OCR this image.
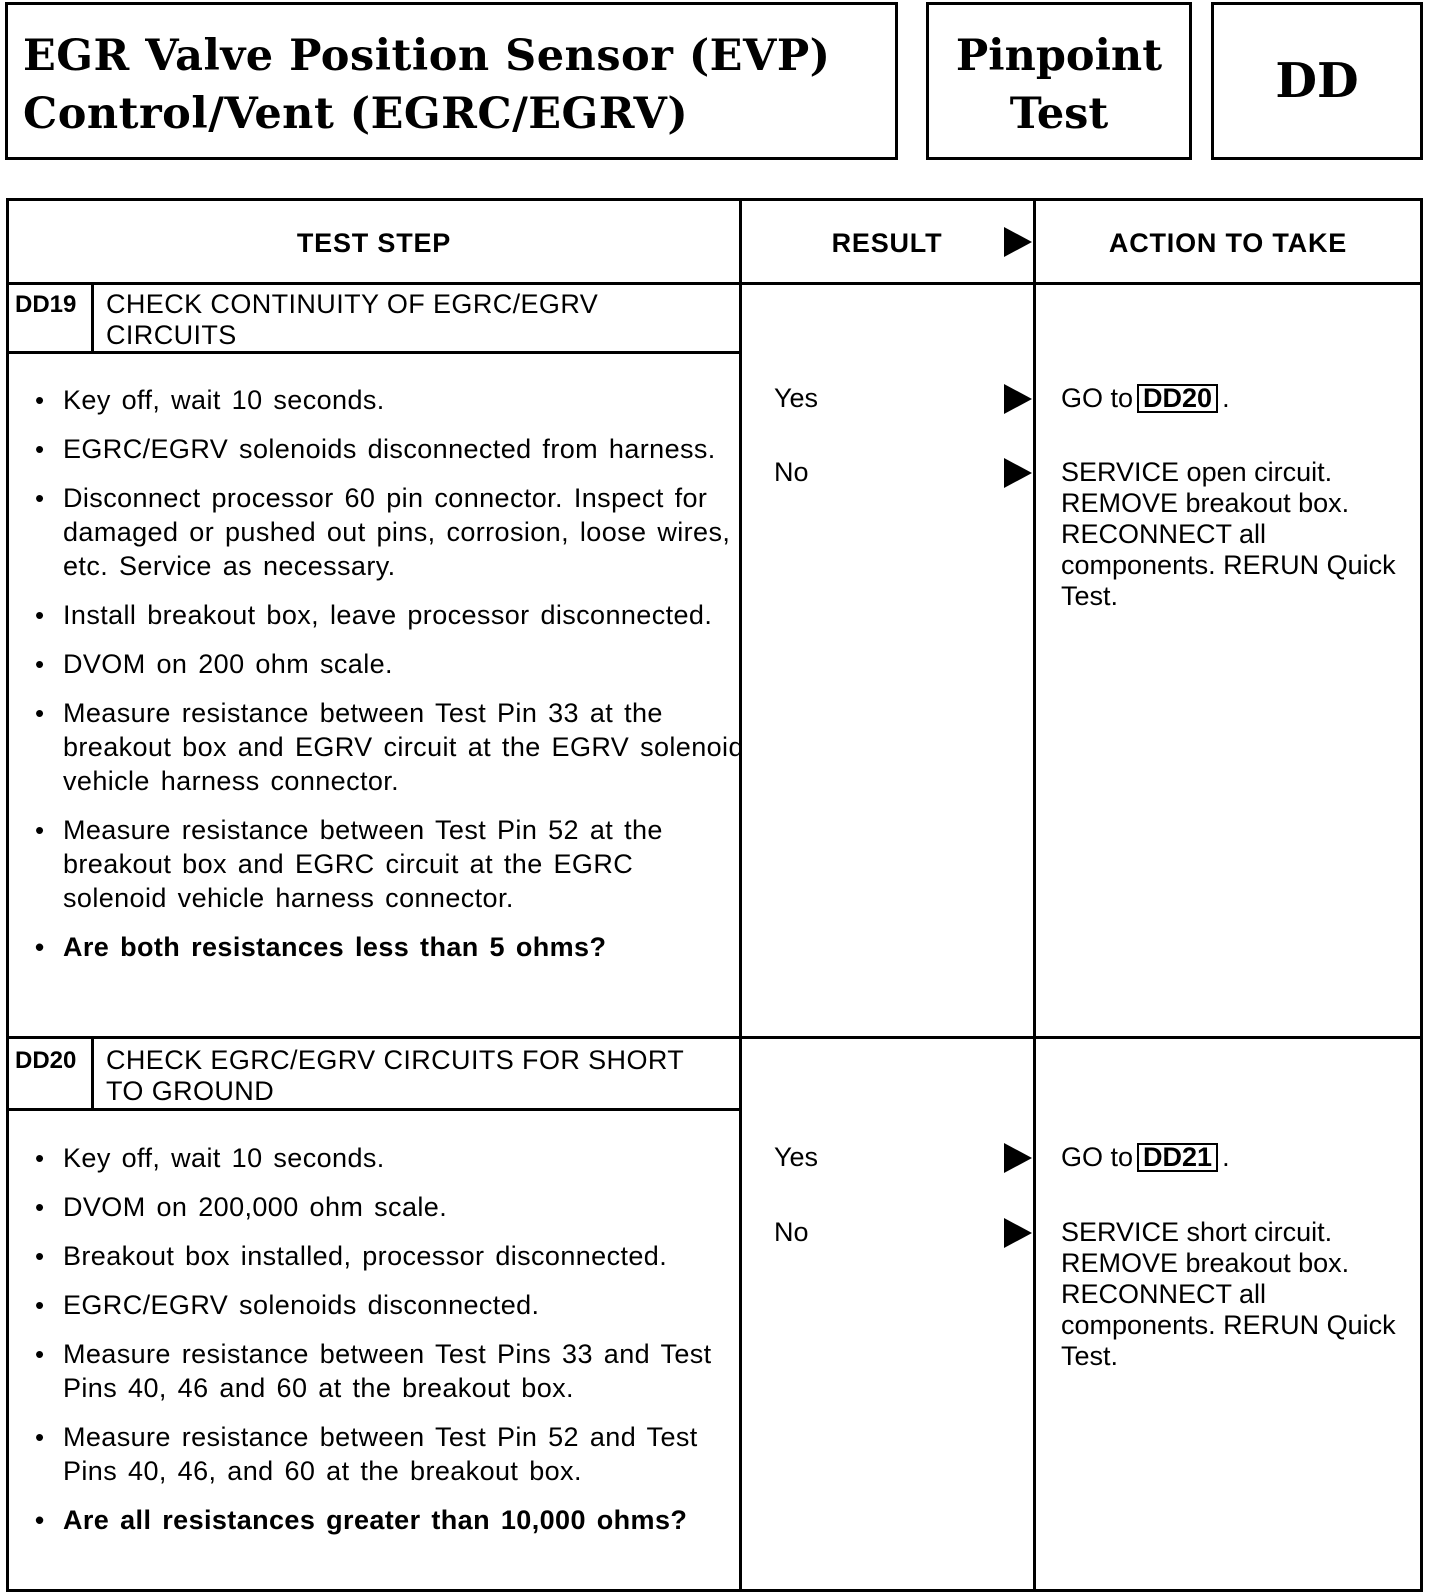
EGR Valve Position Sensor (EVP)
Control/Vent (EGRC/EGRV)
Pinpoint
Test
DD
TEST STEP	RESULT	ACTION TO TAKE
DD19 CHECK CONTINUITY OF EGRC/EGRV
CIRCUITS
• Key off, wait 10 seconds.
• EGRC/EGRV solenoids disconnected from harness.
• Disconnect processor 60 pin connector. Inspect for damaged or pushed out pins, corrosion, loose wires, etc. Service as necessary.
• Install breakout box, leave processor disconnected.
• DVOM on 200 ohm scale.
• Measure resistance between Test Pin 33 at the breakout box and EGRV circuit at the EGRV solenoid vehicle harness connector.
• Measure resistance between Test Pin 52 at the breakout box and EGRC circuit at the EGRC solenoid vehicle harness connector.
• Are both resistances less than 5 ohms?
Yes
No
GO to DD20 .
SERVICE open circuit. REMOVE breakout box. RECONNECT all components. RERUN Quick Test.
DD20 CHECK EGRC/EGRV CIRCUITS FOR SHORT
TO GROUND
• Key off, wait 10 seconds.
• DVOM on 200,000 ohm scale.
• Breakout box installed, processor disconnected.
• EGRC/EGRV solenoids disconnected.
• Measure resistance between Test Pins 33 and Test Pins 40, 46 and 60 at the breakout box.
• Measure resistance between Test Pin 52 and Test Pins 40, 46, and 60 at the breakout box.
• Are all resistances greater than 10,000 ohms?
Yes
No
GO to DD21 .
SERVICE short circuit. REMOVE breakout box. RECONNECT all components. RERUN Quick Test.
